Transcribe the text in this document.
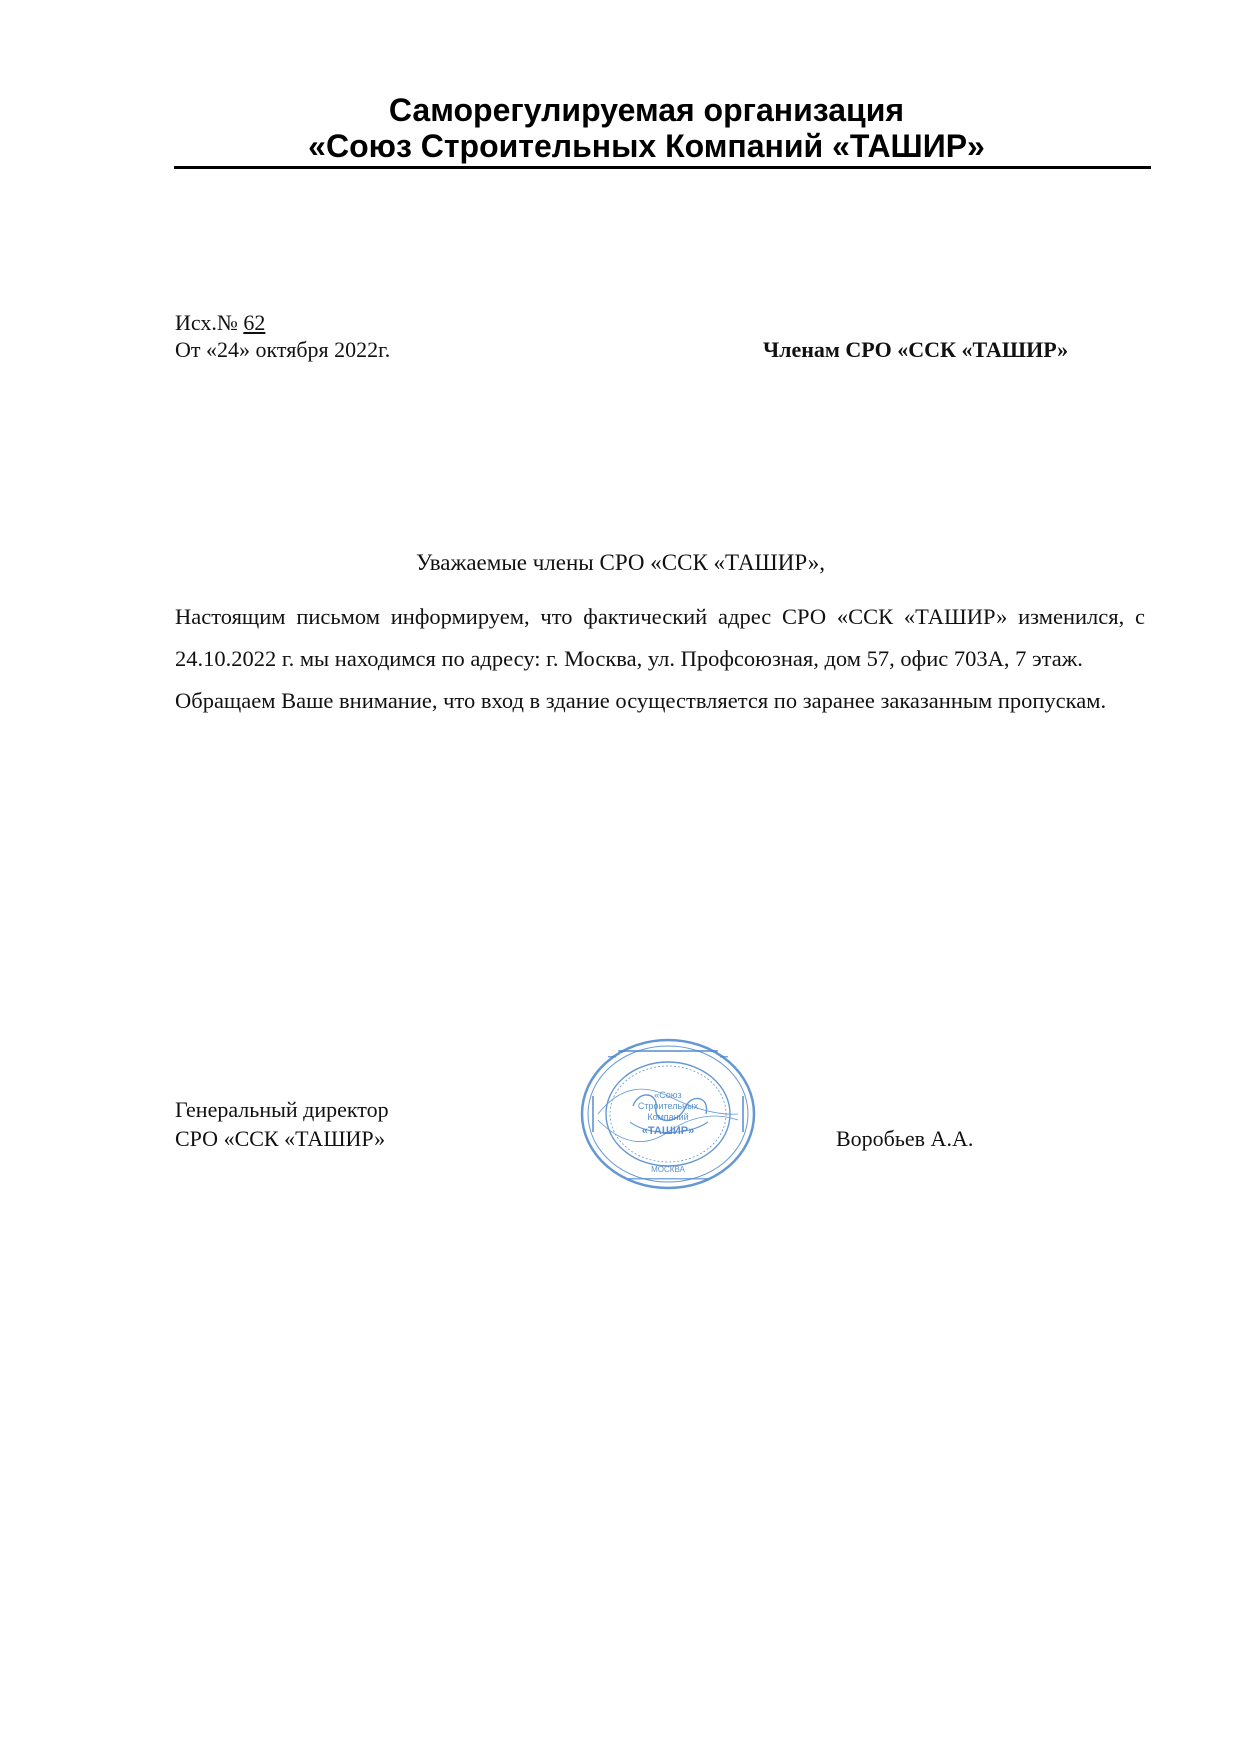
Саморегулируемая организация
«Союз Строительных Компаний «ТАШИР»
Исх.№ 62
От «24» октября 2022г.	Членам СРО «ССК «ТАШИР»
Уважаемые члены СРО «ССК «ТАШИР»,

Настоящим письмом информируем, что фактический адрес СРО «ССК «ТАШИР» изменился, с 24.10.2022 г. мы находимся по адресу: г. Москва, ул. Профсоюзная, дом 57, офис 703А, 7 этаж.

Обращаем Ваше внимание, что вход в здание осуществляется по заранее заказанным пропускам.

Генеральный директор
СРО «ССК «ТАШИР»	Воробьев А.А.
«Союз
Строительных
Компаний
«ТАШИР»
МОСКВА
